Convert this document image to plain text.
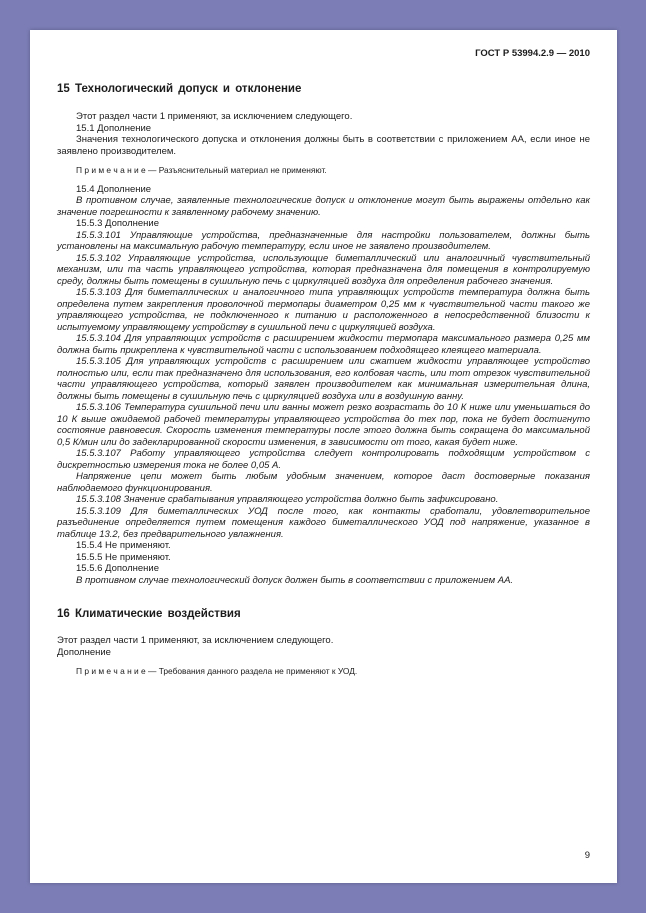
ГОСТ Р 53994.2.9 — 2010
15 Технологический допуск и отклонение

Этот раздел части 1 применяют, за исключением следующего.

15.1 Дополнение

Значения технологического допуска и отклонения должны быть в соответствии с приложением АА, если иное не заявлено производителем.

П р и м е ч а н и е — Разъяснительный материал не применяют.

15.4 Дополнение

В противном случае, заявленные технологические допуск и отклонение могут быть выражены отдельно как значение погрешности к заявленному рабочему значению.

15.5.3 Дополнение

15.5.3.101 Управляющие устройства, предназначенные для настройки пользователем, должны быть установлены на максимальную рабочую температуру, если иное не заявлено производителем.

15.5.3.102 Управляющие устройства, использующие биметаллический или аналогичный чувствительный механизм, или та часть управляющего устройства, которая предназначена для помещения в контролируемую среду, должны быть помещены в сушильную печь с циркуляцией воздуха для определения рабочего значения.

15.5.3.103 Для биметаллических и аналогичного типа управляющих устройств температура должна быть определена путем закрепления проволочной термопары диаметром 0,25 мм к чувствительной части такого же управляющего устройства, не подключенного к питанию и расположенного в непосредственной близости к испытуемому управляющему устройству в сушильной печи с циркуляцией воздуха.

15.5.3.104 Для управляющих устройств с расширением жидкости термопара максимального размера 0,25 мм должна быть прикреплена к чувствительной части с использованием подходящего клеящего материала.

15.5.3.105 Для управляющих устройств с расширением или сжатием жидкости управляющее устройство полностью или, если так предназначено для использования, его колбовая часть, или тот отрезок чувствительной части управляющего устройства, который заявлен производителем как минимальная измерительная длина, должны быть помещены в сушильную печь с циркуляцией воздуха или в воздушную ванну.

15.5.3.106 Температура сушильной печи или ванны может резко возрастать до 10 К ниже или уменьшаться до 10 К выше ожидаемой рабочей температуры управляющего устройства до тех пор, пока не будет достигнуто состояние равновесия. Скорость изменения температуры после этого должна быть сокращена до максимальной 0,5 К/мин или до задекларированной скорости изменения, в зависимости от того, какая будет ниже.

15.5.3.107 Работу управляющего устройства следует контролировать подходящим устройством с дискретностью измерения тока не более 0,05 А.

Напряжение цепи может быть любым удобным значением, которое даст достоверные показания наблюдаемого функционирования.

15.5.3.108 Значение срабатывания управляющего устройства должно быть зафиксировано.

15.5.3.109 Для биметаллических УОД после того, как контакты сработали, удовлетворительное разъединение определяется путем помещения каждого биметаллического УОД под напряжение, указанное в таблице 13.2, без предварительного увлажнения.

15.5.4 Не применяют.

15.5.5 Не применяют.

15.5.6 Дополнение

В противном случае технологический допуск должен быть в соответствии с приложением АА.

16 Климатические воздействия

Этот раздел части 1 применяют, за исключением следующего.

Дополнение

П р и м е ч а н и е — Требования данного раздела не применяют к УОД.

9
